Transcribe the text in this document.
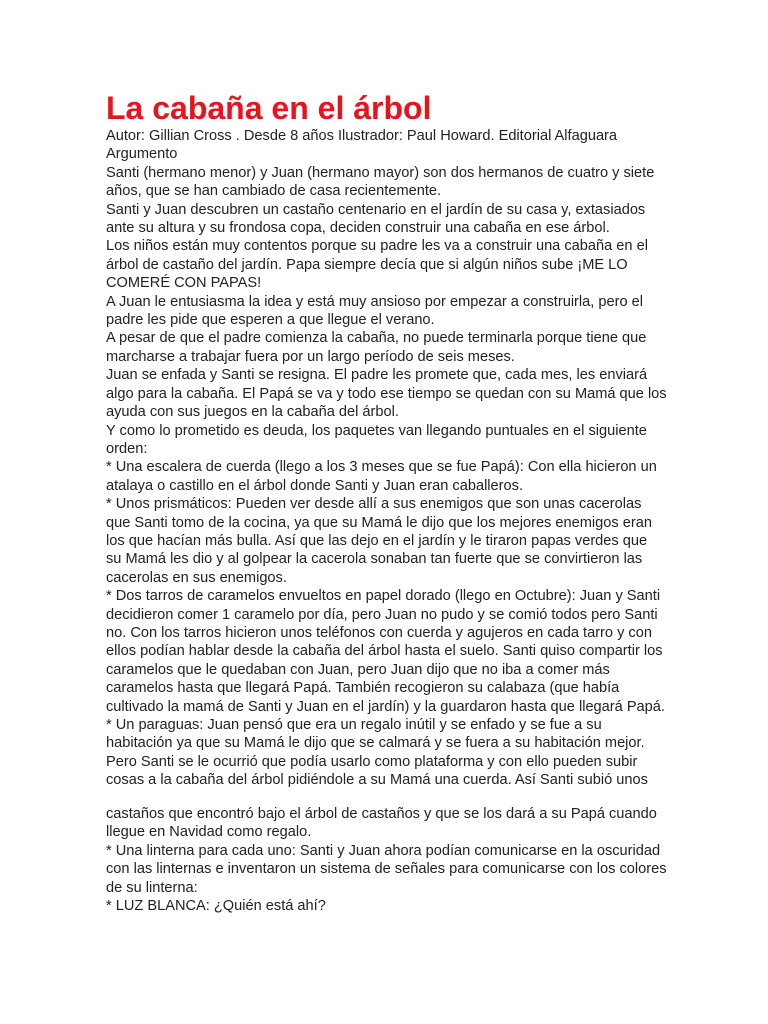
La cabaña en el árbol
Autor: Gillian Cross . Desde 8 años Ilustrador: Paul Howard. Editorial Alfaguara
Argumento
Santi (hermano menor) y Juan (hermano mayor) son dos hermanos de cuatro y siete
años, que se han cambiado de casa recientemente.
Santi y Juan descubren un castaño centenario en el jardín de su casa y, extasiados
ante su altura y su frondosa copa, deciden construir una cabaña en ese árbol.
Los niños están muy contentos porque su padre les va a construir una cabaña en el
árbol de castaño del jardín. Papa siempre decía que si algún niños sube ¡ME LO
COMERÉ CON PAPAS!
A Juan le entusiasma la idea y está muy ansioso por empezar a construirla, pero el
padre les pide que esperen a que llegue el verano.
A pesar de que el padre comienza la cabaña, no puede terminarla porque tiene que
marcharse a trabajar fuera por un largo período de seis meses.
Juan se enfada y Santi se resigna. El padre les promete que, cada mes, les enviará
algo para la cabaña. El Papá se va y todo ese tiempo se quedan con su Mamá que los
ayuda con sus juegos en la cabaña del árbol.
Y como lo prometido es deuda, los paquetes van llegando puntuales en el siguiente
orden:
* Una escalera de cuerda (llego a los 3 meses que se fue Papá): Con ella hicieron un
atalaya o castillo en el árbol donde Santi y Juan eran caballeros.
* Unos prismáticos: Pueden ver desde allí a sus enemigos que son unas cacerolas
que Santi tomo de la cocina, ya que su Mamá le dijo que los mejores enemigos eran
los que hacían más bulla. Así que las dejo en el jardín y le tiraron papas verdes que
su Mamá les dio y al golpear la cacerola sonaban tan fuerte que se convirtieron las
cacerolas en sus enemigos.
* Dos tarros de caramelos envueltos en papel dorado (llego en Octubre): Juan y Santi
decidieron comer 1 caramelo por día, pero Juan no pudo y se comió todos pero Santi
no. Con los tarros hicieron unos teléfonos con cuerda y agujeros en cada tarro y con
ellos podían hablar desde la cabaña del árbol hasta el suelo. Santi quiso compartir los
caramelos que le quedaban con Juan, pero Juan dijo que no iba a comer más
caramelos hasta que llegará Papá. También recogieron su calabaza (que había
cultivado la mamá de Santi y Juan en el jardín) y la guardaron hasta que llegará Papá.
* Un paraguas: Juan pensó que era un regalo inútil y se enfado y se fue a su
habitación ya que su Mamá le dijo que se calmará y se fuera a su habitación mejor.
Pero Santi se le ocurrió que podía usarlo como plataforma y con ello pueden subir
cosas a la cabaña del árbol pidiéndole a su Mamá una cuerda. Así Santi subió unos
castaños que encontró bajo el árbol de castaños y que se los dará a su Papá cuando
llegue en Navidad como regalo.
* Una linterna para cada uno: Santi y Juan ahora podían comunicarse en la oscuridad
con las linternas e inventaron un sistema de señales para comunicarse con los colores
de su linterna:
* LUZ BLANCA: ¿Quién está ahí?
